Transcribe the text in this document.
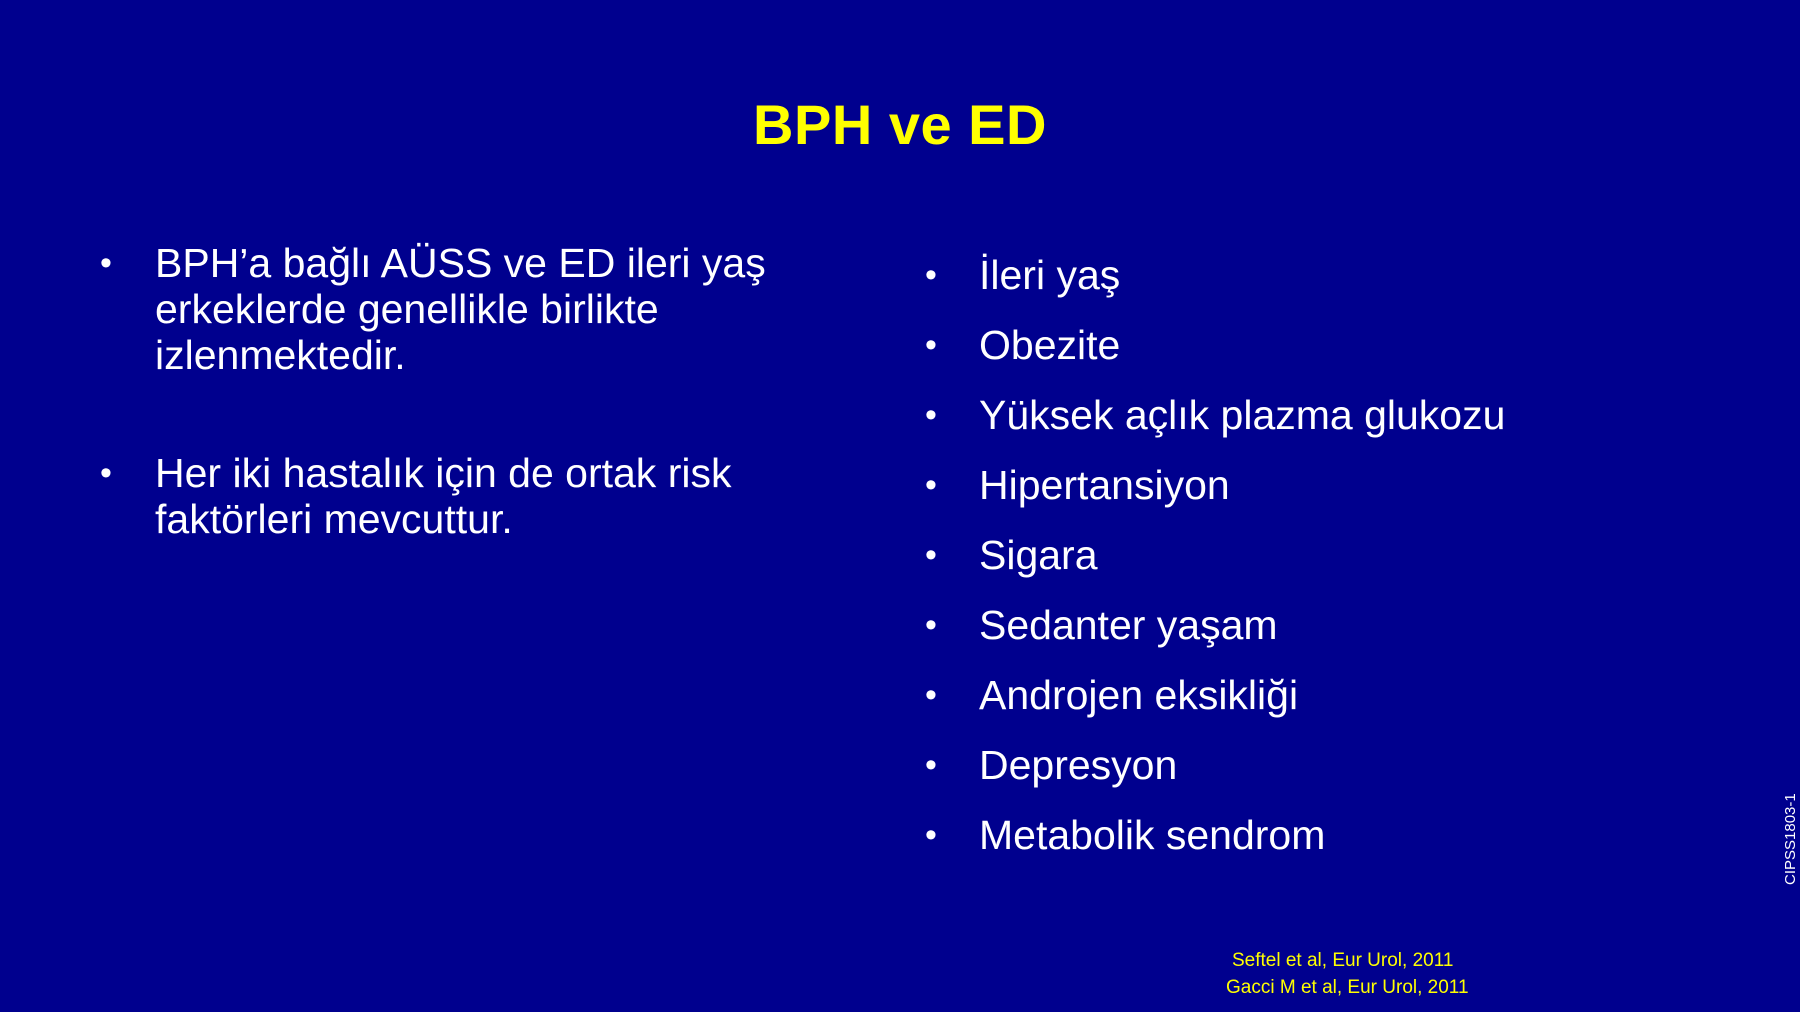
BPH ve ED
• BPH’a bağlı AÜSS ve ED ileri yaş erkeklerde genellikle birlikte izlenmektedir.
• Her iki hastalık için de ortak risk faktörleri mevcuttur.
• İleri yaş
• Obezite
• Yüksek açlık plazma glukozu
• Hipertansiyon
• Sigara
• Sedanter yaşam
• Androjen eksikliği
• Depresyon
• Metabolik sendrom
Seftel et al, Eur Urol, 2011
Gacci M et al, Eur Urol, 2011
CIPSS1803-1
